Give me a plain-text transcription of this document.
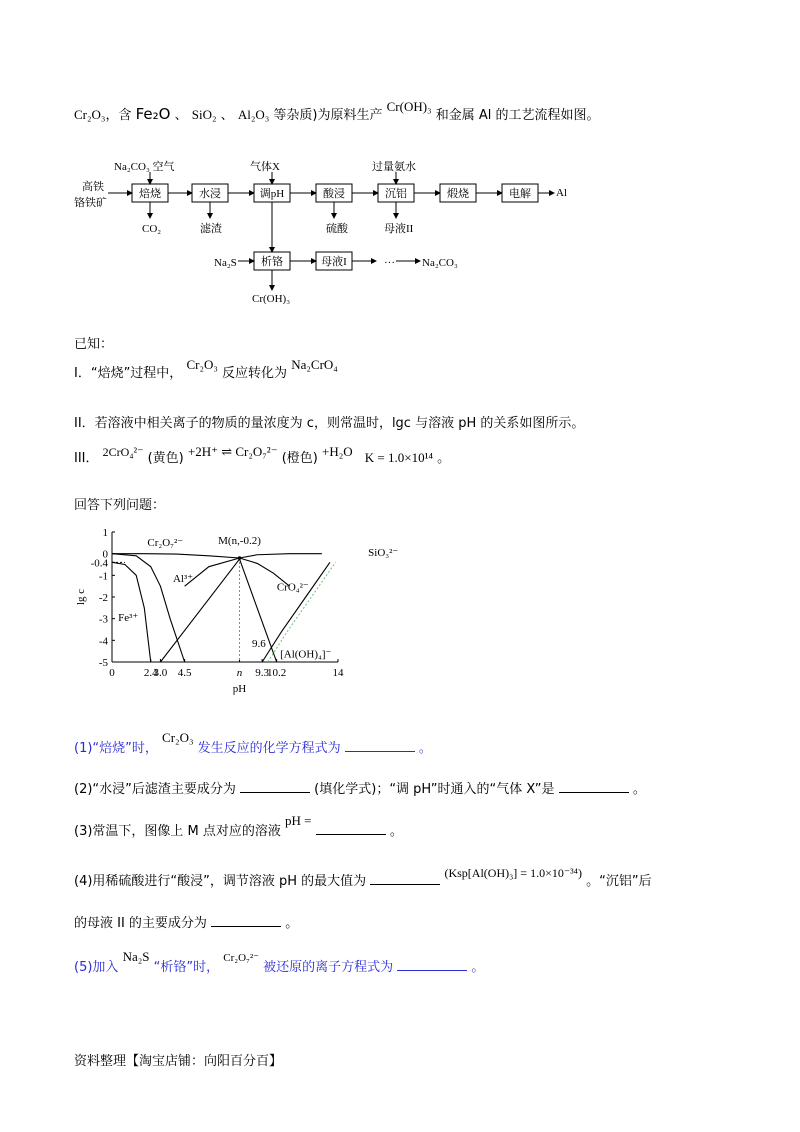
Cr₂O₃，含 Fe₂O 、 SiO₂ 、 Al₂O₃ 等杂质)为原料生产 Cr(OH)₃ 和金属 Al 的工艺流程如图。
高铁
铬铁矿
Na₂CO₃ 空气	气体X	过量氨水
Al
CO₂	滤渣	硫酸	母液II
Na₂S	··· Na₂CO₃
Cr(OH)₃
焙烧	水浸	调pH	酸浸	沉铝	煅烧	电解
析铬	母液I
已知：
I．“焙烧”过程中， Cr₂O₃ 反应转化为 Na₂CrO₄
II．若溶液中相关离子的物质的量浓度为 c，则常温时，lgc 与溶液 pH 的关系如图所示。
III． 2CrO₄²⁻ (黄色) +2H⁺ ⇌ Cr₂O₇²⁻ (橙色) +H₂O K = 1.0×10¹⁴ 。
回答下列问题：
1
0
-0.4
-1
-2
-3
-4
-5
0	2.4
3.0 4.5	n 9.3
10.2	14
pH
lg c
Cr₂O₇²⁻	M(n,-0.2)
CrO₄²⁻
SiO₃²⁻
Al³⁺
Fe³⁺
9.6
[Al(OH)₄]⁻
(1)“焙烧”时， Cr₂O₃ 发生反应的化学方程式为	。
(2)“水浸”后滤渣主要成分为	(填化学式)；“调 pH”时通入的“气体 X”是	。
(3)常温下，图像上 M 点对应的溶液 pH =  。
(4)用稀硫酸进行“酸浸”，调节溶液 pH 的最大值为  (Ksp[Al(OH)₃] = 1.0×10⁻³⁴) 。“沉铝”后
的母液 II 的主要成分为	。
(5)加入 Na₂S “析铬”时， $^{Cr_2O_7^{2-}}$ 被还原的离子方程式为	。
资料整理【淘宝店铺：向阳百分百】
